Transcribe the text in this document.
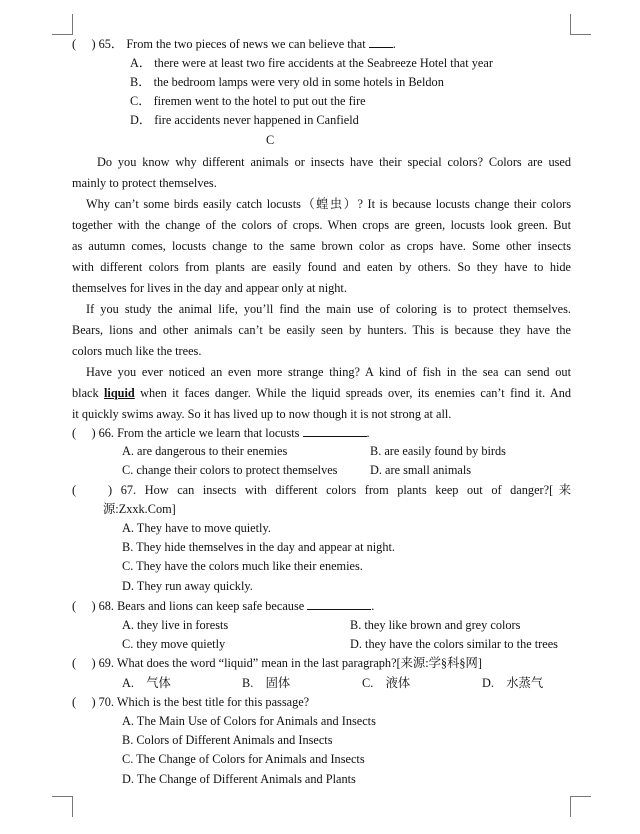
(　 ) 65． From the two pieces of news we can believe that .
A． there were at least two fire accidents at the Seabreeze Hotel that year
B． the bedroom lamps were very old in some hotels in Beldon
C． firemen went to the hotel to put out the fire
D． fire accidents never happened in Canfield
C
Do you know why different animals or insects have their special colors? Colors are used
mainly to protect themselves.
Why can’t some birds easily catch locusts（蝗虫）? It is because locusts change their colors
together with the change of the colors of crops. When crops are green, locusts look green. But
as autumn comes, locusts change to the same brown color as crops have. Some other insects
with different colors from plants are easily found and eaten by others. So they have to hide
themselves for lives in the day and appear only at night.
If you study the animal life, you’ll find the main use of coloring is to protect themselves.
Bears, lions and other animals can’t be easily seen by hunters. This is because they have the
colors much like the trees.
Have you ever noticed an even more strange thing? A kind of fish in the sea can send out
black liquid when it faces danger. While the liquid spreads over, its enemies can’t find it. And
it quickly swims away. So it has lived up to now though it is not strong at all.
(　 ) 66. From the article we learn that locusts	.
A. are dangerous to their enemies	B. are easily found by birds
C. change their colors to protect themselves	D. are small animals
(　 ) 67. How can insects with different colors from plants keep out of danger?[来
源:Zxxk.Com]
A. They have to move quietly.
B. They hide themselves in the day and appear at night.
C. They have the colors much like their enemies.
D. They run away quickly.
(　 ) 68. Bears and lions can keep safe because	.
A. they live in forests	B. they like brown and grey colors
C. they move quietly	D. they have the colors similar to the trees
(　 ) 69. What does the word “liquid” mean in the last paragraph?[来源:学§科§网]
A.　气体	B.　固体	C.　液体	D.　水蒸气
(　 ) 70. Which is the best title for this passage?
A. The Main Use of Colors for Animals and Insects
B. Colors of Different Animals and Insects
C. The Change of Colors for Animals and Insects
D. The Change of Different Animals and Plants
